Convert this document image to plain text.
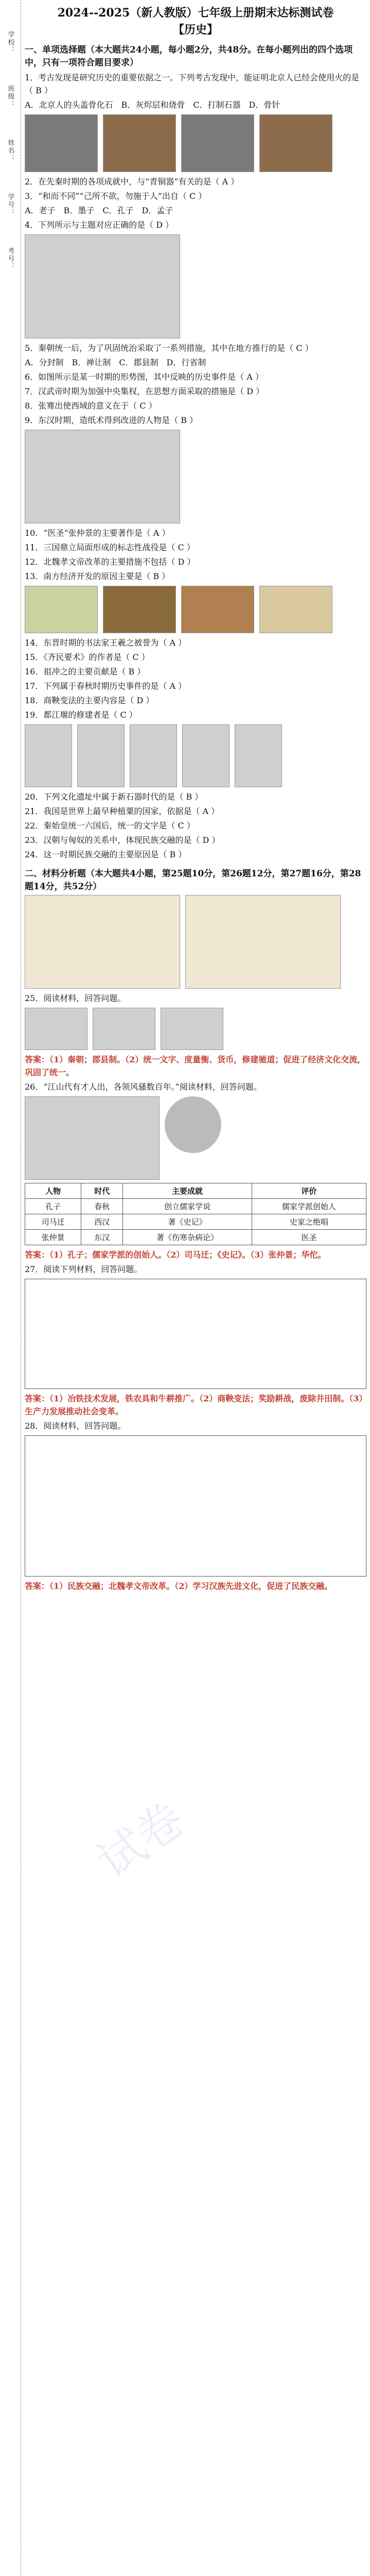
学校：
班级：
姓名：
学号：
考号：
试卷
2024--2025（新人教版）七年级上册期末达标测试卷
【历史】
一、单项选择题（本大题共24小题，每小题2分，共48分。在每小题列出的四个选项中，只有一项符合题目要求）
1．考古发现是研究历史的重要依据之一。下列考古发现中，能证明北京人已经会使用火的是（ B ）
A．北京人的头盖骨化石　B．灰烬层和烧骨　C．打制石器　D．骨针
2．在先秦时期的各项成就中，与“青铜器”有关的是（ A ）
3．“和而不同”“己所不欲，勿施于人”出自（ C ）
A．老子　B．墨子　C．孔子　D．孟子
4．下列所示与主题对应正确的是（ D ）
5．秦朝统一后，为了巩固统治采取了一系列措施，其中在地方推行的是（ C ）
A．分封制　B．禅让制　C．郡县制　D．行省制
6．如图所示是某一时期的形势图，其中反映的历史事件是（ A ）
7．汉武帝时期为加强中央集权，在思想方面采取的措施是（ D ）
8．张骞出使西域的意义在于（ C ）
9．东汉时期，造纸术得到改进的人物是（ B ）
10．“医圣”张仲景的主要著作是（ A ）
11．三国鼎立局面形成的标志性战役是（ C ）
12．北魏孝文帝改革的主要措施不包括（ D ）
13．南方经济开发的原因主要是（ B ）
14．东晋时期的书法家王羲之被誉为（ A ）
15．《齐民要术》的作者是（ C ）
16．祖冲之的主要贡献是（ B ）
17．下列属于春秋时期历史事件的是（ A ）
18．商鞅变法的主要内容是（ D ）
19．都江堰的修建者是（ C ）
20．下列文化遗址中属于新石器时代的是（ B ）
21．我国是世界上最早种植粟的国家，依据是（ A ）
22．秦始皇统一六国后，统一的文字是（ C ）
23．汉朝与匈奴的关系中，体现民族交融的是（ D ）
24．这一时期民族交融的主要原因是（ B ）
二、材料分析题（本大题共4小题，第25题10分，第26题12分，第27题16分，第28题14分，共52分）
25．阅读材料，回答问题。
答案：（1）秦朝；郡县制。（2）统一文字、度量衡、货币，修建驰道；促进了经济文化交流，巩固了统一。
26．“江山代有才人出，各领风骚数百年。”阅读材料，回答问题。
人物	时代	主要成就	评价
孔子	春秋	创立儒家学说	儒家学派创始人
司马迁	西汉	著《史记》	史家之绝唱
张仲景	东汉	著《伤寒杂病论》	医圣
答案：（1）孔子；儒家学派的创始人。（2）司马迁；《史记》。（3）张仲景；华佗。
27．阅读下列材料，回答问题。
答案：（1）冶铁技术发展，铁农具和牛耕推广。（2）商鞅变法；奖励耕战，废除井田制。（3）生产力发展推动社会变革。
28．阅读材料，回答问题。
答案：（1）民族交融；北魏孝文帝改革。（2）学习汉族先进文化，促进了民族交融。
